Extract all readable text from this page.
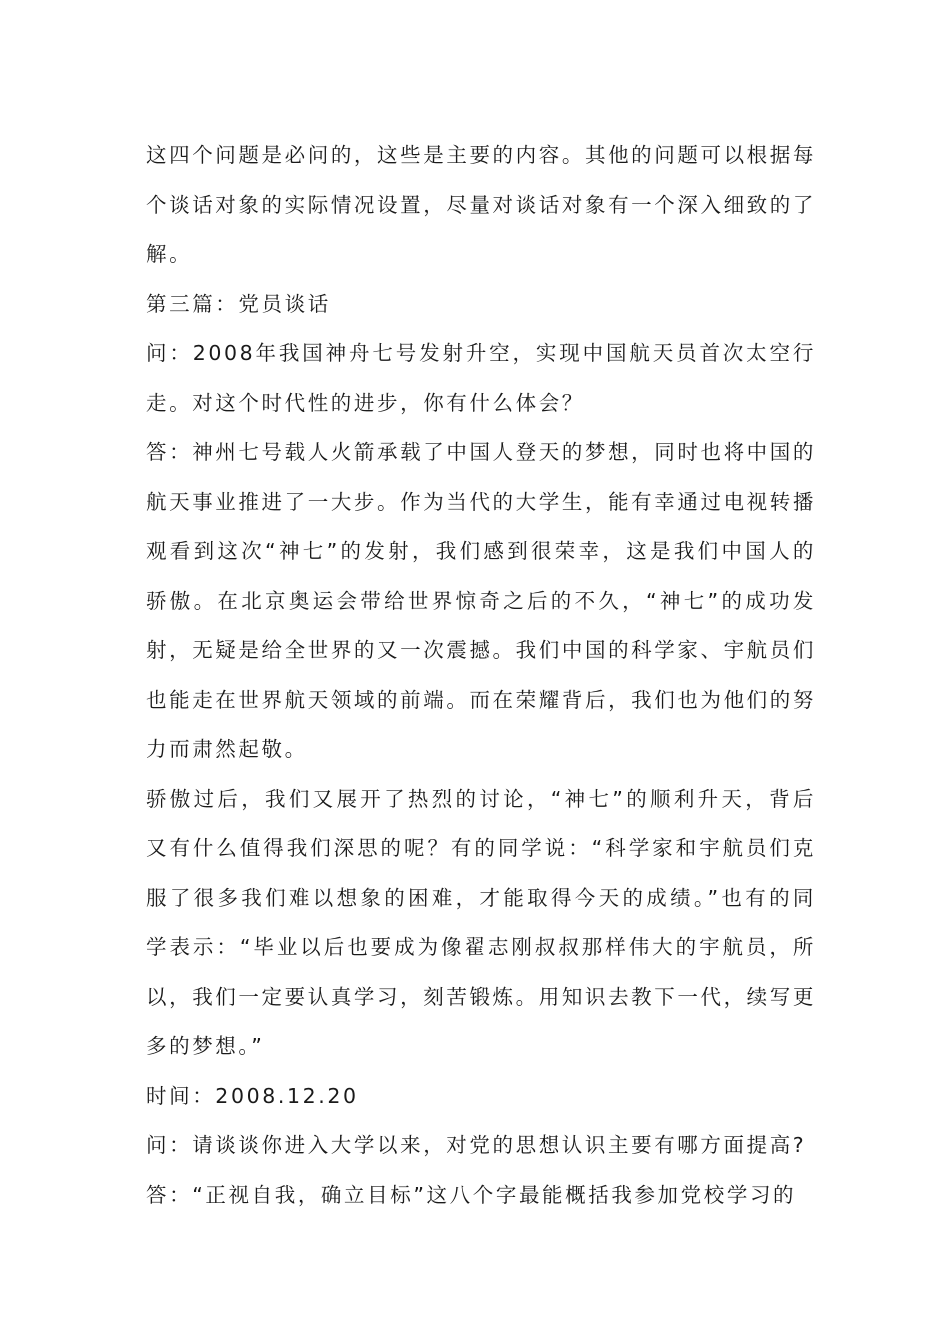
这四个问题是必问的，这些是主要的内容。其他的问题可以根据每个谈话对象的实际情况设置，尽量对谈话对象有一个深入细致的了解。

第三篇：党员谈话

问：2008年我国神舟七号发射升空，实现中国航天员首次太空行走。对这个时代性的进步，你有什么体会？

答：神州七号载人火箭承载了中国人登天的梦想，同时也将中国的航天事业推进了一大步。作为当代的大学生，能有幸通过电视转播观看到这次“神七”的发射，我们感到很荣幸，这是我们中国人的骄傲。在北京奥运会带给世界惊奇之后的不久，“神七”的成功发射，无疑是给全世界的又一次震撼。我们中国的科学家、宇航员们也能走在世界航天领域的前端。而在荣耀背后，我们也为他们的努力而肃然起敬。

骄傲过后，我们又展开了热烈的讨论，“神七”的顺利升天，背后又有什么值得我们深思的呢？有的同学说：“科学家和宇航员们克服了很多我们难以想象的困难，才能取得今天的成绩。”也有的同学表示：“毕业以后也要成为像翟志刚叔叔那样伟大的宇航员，所以，我们一定要认真学习，刻苦锻炼。用知识去教下一代，续写更多的梦想。”

时间：2008.12.20

问：请谈谈你进入大学以来，对党的思想认识主要有哪方面提高?

答：“正视自我，确立目标”这八个字最能概括我参加党校学习的
